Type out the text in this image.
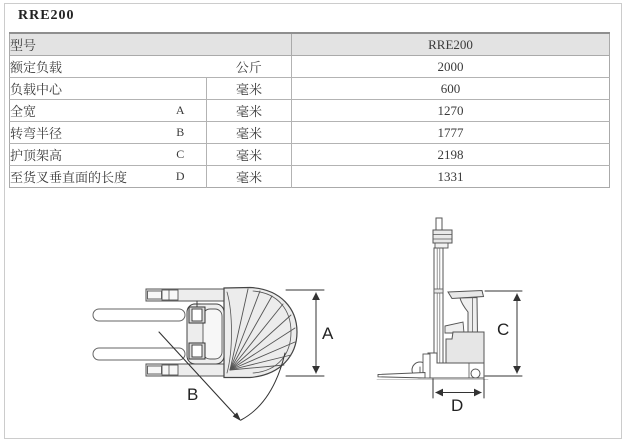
RRE200
型号			RRE200
额定负载		公斤	2000
负载中心		毫米	600
全宽	A	毫米	1270
转弯半径	B	毫米	1777
护顶架高	C	毫米	2198
至货叉垂直面的长度	D	毫米	1331
A
B
C
D
